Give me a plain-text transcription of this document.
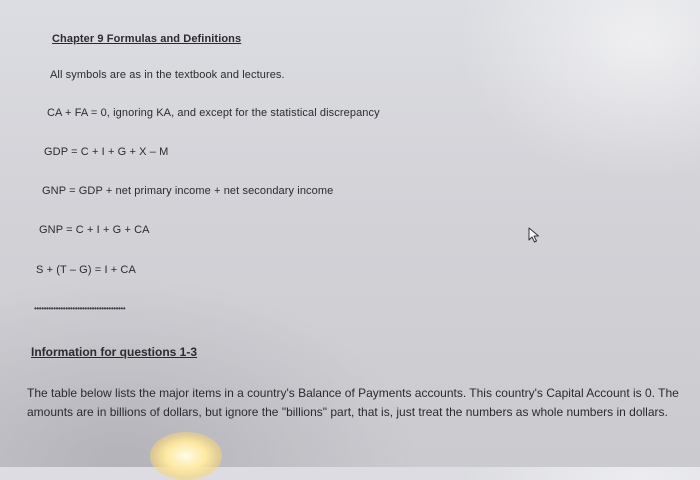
Chapter 9 Formulas and Definitions
All symbols are as in the textbook and lectures.
CA + FA = 0, ignoring KA, and except for the statistical discrepancy
GDP = C + I + G + X – M
GNP = GDP + net primary income + net secondary income
GNP = C + I + G + CA
S + (T – G) = I + CA
••••••••••••••••••••••••••••••••••••••
Information for questions 1-3
The table below lists the major items in a country's Balance of Payments accounts. This country's Capital Account is 0. The amounts are in billions of dollars, but ignore the "billions" part, that is, just treat the numbers as whole numbers in dollars.
